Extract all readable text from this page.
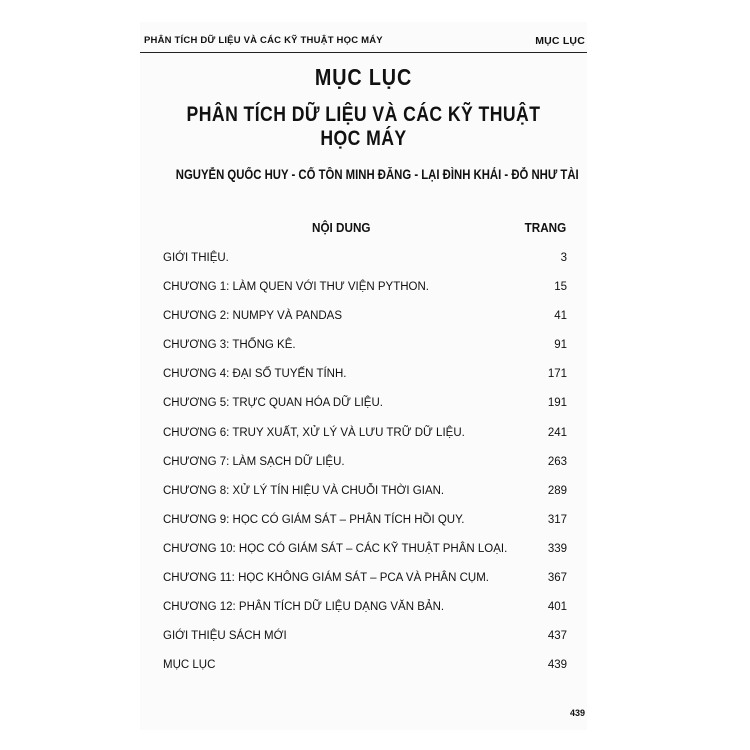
PHÂN TÍCH DỮ LIỆU VÀ CÁC KỸ THUẬT HỌC MÁY	MỤC LỤC
MỤC LỤC
PHÂN TÍCH DỮ LIỆU VÀ CÁC KỸ THUẬT HỌC MÁY
NGUYỄN QUỐC HUY - CỔ TỒN MINH ĐĂNG - LẠI ĐÌNH KHẢI - ĐỖ NHƯ TÀI
NỘI DUNG	TRANG
GIỚI THIỆU.	3
CHƯƠNG 1: LÀM QUEN VỚI THƯ VIỆN PYTHON.	15
CHƯƠNG 2: NUMPY VÀ PANDAS	41
CHƯƠNG 3: THỐNG KÊ.	91
CHƯƠNG 4: ĐẠI SỐ TUYẾN TÍNH.	171
CHƯƠNG 5: TRỰC QUAN HÓA DỮ LIỆU.	191
CHƯƠNG 6: TRUY XUẤT, XỬ LÝ VÀ LƯU TRỮ DỮ LIỆU.	241
CHƯƠNG 7: LÀM SẠCH DỮ LIỆU.	263
CHƯƠNG 8: XỬ LÝ TÍN HIỆU VÀ CHUỖI THỜI GIAN.	289
CHƯƠNG 9: HỌC CÓ GIÁM SÁT – PHÂN TÍCH HỒI QUY.	317
CHƯƠNG 10: HỌC CÓ GIÁM SÁT – CÁC KỸ THUẬT PHÂN LOẠI.	339
CHƯƠNG 11: HỌC KHÔNG GIÁM SÁT – PCA VÀ PHÂN CỤM.	367
CHƯƠNG 12: PHÂN TÍCH DỮ LIỆU DẠNG VĂN BẢN.	401
GIỚI THIỆU SÁCH MỚI	437
MỤC LỤC	439
439
